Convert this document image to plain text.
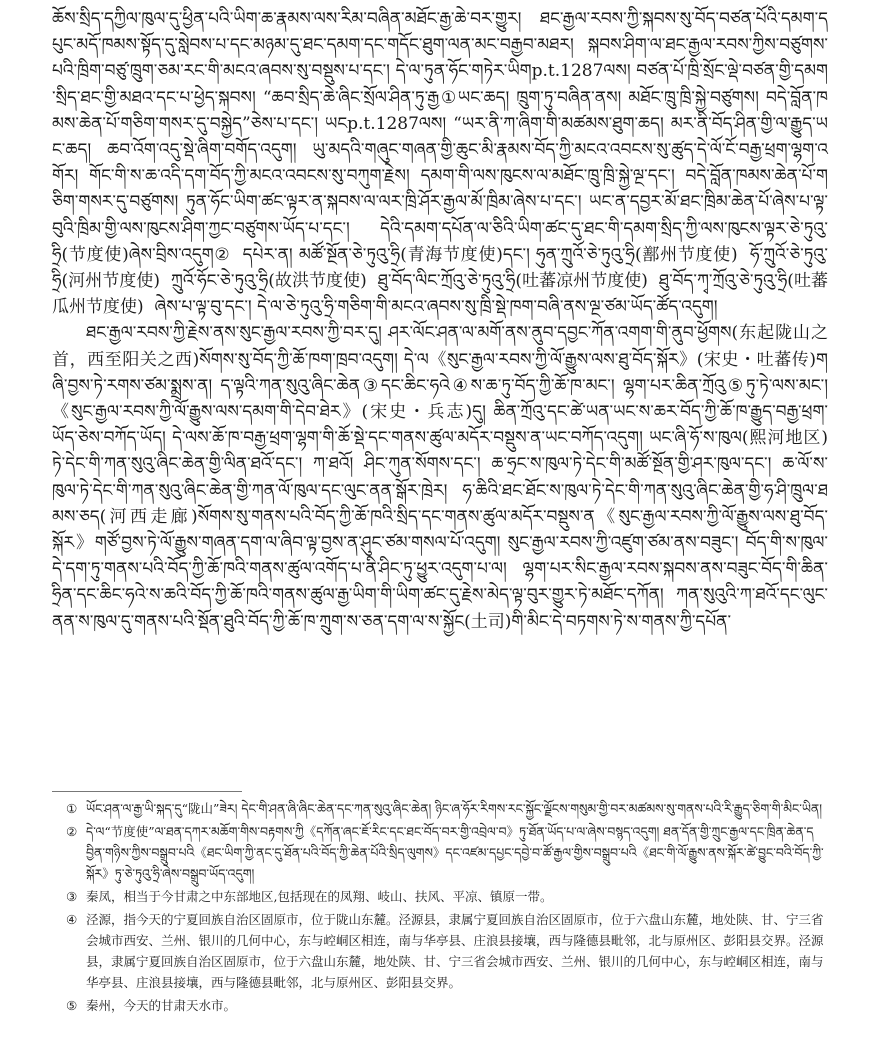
ཆོས་སྲིད་དཀྱིལ་ཁུལ་དུ་ཕྱིན་པའི་ཡིག་ཆ་རྣམས་ལས་རིམ་བཞིན་མཐོང་རྒྱ་ཆེ་བར་གྱུར། ཐང་རྒྱལ་རབས་ཀྱི་སྐབས་སུ་བོད་བཙན་པོའི་དམག་དཔུང་མདོ་ཁམས་སྟོད་དུ་སླེབས་པ་དང་མཉམ་དུ་ཐང་དམག་དང་གདོང་ཐུག་ལན་མང་བརྒྱབ་མཐར། སྐབས་ཤིག་ལ་ཐང་རྒྱལ་རབས་ཀྱིས་བཙུགས་པའི་ཁྲིག་བཙུ་ཁྲུག་ཅམ་རང་གི་མངའ་ཞབས་སུ་བསྡུས་པ་དང་། དེ་ལ་ཏུན་ཧོང་གཏེར་ཡིགp.t.1287ལས། བཙན་པོ་ཁྲི་སྲོང་ལྡེ་བཙན་གྱི་དམག་སྲིད་ཐང་གྱི་མཐའ་དང་པ་ཕྱེད་སྐབས། “ཆབ་སྲིད་ཆེ་ཞིང་སྲོལ་ཤིན་ཏུ་རྒྱ①ཡང་ཆད། ཁྲུག་ཏུ་བཞིན་ནས། མཐོང་ཁྲུ་ཁྲི་སྐྱེ་བཙུགས། བདེ་བློན་ཁམས་ཆེན་པོ་གཅིག་གསར་དུ་བསྐྱེད”ཅེས་པ་དང་། ཡངp.t.1287ལས། “ཡར་ནི་ཀ་ཞིག་གི་མཚམས་ཐུག་ཆད། མར་ནི་བོད་ཤིན་གྱི་ལ་རྒྱུད་ཡང་ཆད། ཆབ་འོག་འདུ་སྡེ་ཞིག་བགོད་འདུག། ཡུ་མདའི་གཞུང་གཞན་གྱི་ཆུང་མི་རྣམས་བོད་ཀྱི་མངའ་འབངས་སུ་ཚུད་དེ་ལོ་ངོ་བརྒྱ་ཕྲག་ལྷག་འགོར། གོང་གི་ས་ཆ་འདི་དག་བོད་ཀྱི་མངའ་འབངས་སུ་བཀུག་རྗེས། དམག་གི་ལས་ཁུངས་ལ་མཐོང་ཁྲུ་ཁྲི་སྐྱེ་ལྔ་དང་། བདེ་བློན་ཁམས་ཆེན་པོ་གཅིག་གསར་དུ་བཙུགས། ཏུན་ཧོང་ཡིག་ཚང་ལྟར་ན་སྐབས་ལ་ལར་ཁྲི་ཤོར་རྒྱལ་མོ་ཁྲིམ་ཞེས་པ་དང་། ཡང་ན་དབྱར་མོ་ཐང་ཁྲིམ་ཆེན་པོ་ཞེས་པ་ལྟ་བུའི་ཁྲིམ་གྱི་ལས་ཁུངས་ཤིག་ཀྱང་བཙུགས་ཡོད་པ་དང་། དེའི་དམག་དཔོན་ལ་ཅིའི་ཡིག་ཚང་དུ་ཐང་གི་དམག་སྲིད་ཀྱི་ལས་ཁུངས་ལྟར་ཅེ་ཏུའུ་ཧྲི(节度使)ཞེས་བྲིས་འདུག②  དཔེར་ན། མཚོ་སྔོན་ཅེ་ཏུའུ་ཧྲི(青海节度使)དང་། ཧུན་ཀྲུའོ་ཅེ་ཏུའུ་ཧྲི(鄯州节度使)  ཧོ་ཀྲུའོ་ཅེ་ཏུའུ་ཧྲི(河州节度使)  ཀྲུའོ་ཧོང་ཅེ་ཏུའུ་ཧྲི(故洪节度使)  ཐུ་བོད་ལིང་ཀྲོའུ་ཅེ་ཏུའུ་ཧྲི(吐蕃凉州节度使)  ཐུ་བོད་ཀྭ་ཀྲོའུ་ཅེ་ཏུའུ་ཧྲི(吐蕃瓜州节度使)  ཞེས་པ་ལྟ་བུ་དང་། དེ་ལ་ཅེ་ཏུའུ་ཧྲི་གཅིག་གི་མངའ་ཞབས་སུ་ཁྲི་སྡེ་ཁག་བཞི་ནས་ལྔ་ཙམ་ཡོད་ཚོད་འདུག།

ཐང་རྒྱལ་རབས་ཀྱི་རྗེས་ནས་སུང་རྒྱལ་རབས་ཀྱི་བར་དུ། ཤར་ལོང་ཤན་ལ་མགོ་ནས་ནུབ་དབྱང་ཀོན་འགག་གི་ནུབ་ཕྱོགས(东起陇山之首，西至阳关之西)སོགས་སུ་བོད་ཀྱི་ཆོ་ཁག་ཁྲབ་འདུག། དེ་ལ《སུང་རྒྱལ་རབས་ཀྱི་ལོ་རྒྱུས་ལས་ཐུ་བོད་སྐོར》(宋史・吐蕃传)གཞི་བྱས་ཏེ་རགས་ཙམ་སྨྲས་ན། ད་ལྟའི་ཀན་སུའུ་ཞིང་ཆེན③དང་ཆིང་ཧའེ④ས་ཆ་ཏུ་བོད་ཀྱི་ཆོ་ཁ་མང་། ལྷག་པར་ཆིན་ཀྲོའུ⑤ཏུ་ཏེ་ལས་མང་། 《སུང་རྒྱལ་རབས་ཀྱི་ལོ་རྒྱུས་ལས་དམག་གི་དེབ་ཐེར》(宋史・兵志)དུ། ཆིན་ཀྲོའུ་དང་ཚེ་ཡན་ཡང་ས་ཆར་བོད་ཀྱི་ཆོ་ཁ་རྒྱུད་བརྒྱ་ཕྲག་ཡོད་ཅེས་བཀོད་ཡོད། དེ་ལས་ཆོ་ཁ་བརྒྱ་ཕྲག་ལྷག་གི་ཆོ་སྡེ་དང་གནས་ཚུལ་མདོར་བསྡུས་ན་ཡང་བཀོད་འདུག། ཡང་ཞི་ཧོ་ས་ཁུལ(熙河地区)ཏེ་དེང་གི་ཀན་སུའུ་ཞིང་ཆེན་གྱི་ལིན་ཐའོ་དང་། ཀ་ཐའོ། ཤིང་ཀུན་སོགས་དང་། ཆ་ཧྲང་ས་ཁུལ་ཏེ་དེང་གི་མཚོ་སྔོན་གྱི་ཤར་ཁུལ་དང་། ཆ་ལོ་ས་ཁུལ་ཏེ་དེང་གི་ཀན་སུའུ་ཞིང་ཆེན་གྱི་ཀན་ལོ་ཁུལ་དང་ལུང་ནན་སྒོར་ཁྲེར། ཧ་ཆིའི་ཐང་ཐོང་ས་ཁུལ་ཏེ་དེང་གི་ཀན་སུའུ་ཞིང་ཆེན་གྱི་ཧ་ཤི་ཁྲུལ་ཐམས་ཅད(河西走廊)སོགས་སུ་གནས་པའི་བོད་ཀྱི་ཆོ་ཁའི་སྲིད་དང་གནས་ཚུལ་མདོར་བསྡུས་ན《སུང་རྒྱལ་རབས་ཀྱི་ལོ་རྒྱུས་ལས་ཐུ་བོད་སྐོར》གཙོ་བྱས་ཏེ་ལོ་རྒྱུས་གཞན་དག་ལ་ཞིབ་ལྟ་བྱས་ན་ཤུང་ཙམ་གསལ་པོ་འདུག། སུང་རྒྱལ་རབས་ཀྱི་འཛུག་ཙམ་ནས་བཟུང་། བོད་གི་ས་ཁུལ་དེ་དག་ཏུ་གནས་པའི་བོད་ཀྱི་ཆོ་ཁའི་གནས་ཚུལ་འགོད་པ་ནི་ཤིང་ཏུ་ཕྱུར་འདུག་པ་ལ། ལྷག་པར་སིང་རྒྱལ་རབས་སྐབས་ནས་བཟུང་བོད་གི་ཆིན་ཧྲིན་དང་ཆིང་ཧའེ་ས་ཆའི་བོད་ཀྱི་ཆོ་ཁའི་གནས་ཚུལ་རྒྱ་ཡིག་གི་ཡིག་ཚང་དུ་རྗེས་མེད་ལྟ་བུར་གྱུར་ཏེ་མཐོང་དཀོན། ཀན་སུའུའི་ཀ་ཐའོ་དང་ལུང་ནན་ས་ཁུལ་དུ་གནས་པའི་སྡོན་ཐུའི་བོད་ཀྱི་ཆོ་ཁ་ཀྲུག་ས་ཅན་དག་ལ་ས་སྐྱོང(土司)གི་མིང་དེ་བཏགས་ཏེ་ས་གནས་ཀྱི་དཔོན་

① ཡོང་ཤན་ལ་རྒྱ་ཡི་སྐད་དུ“陇山”ཟེར། དེང་གི་ཤན་ཞི་ཞིང་ཆེན་དང་ཀན་སུའུ་ཞིང་ཆེན། ཉིང་ཞ་ཧོར་རིགས་རང་སྐྱོང་ལྗོངས་གསུམ་གྱི་བར་མཚམས་སུ་གནས་པའི་རི་རྒྱུད་ཅིག་གི་མིང་ཡིན།
② དེ་ལ“节度使”ལ་ཐན་དཀར་མཆོག་གིས་བརྟགས་ཀྱི《དཀོན་ཞང་ཇོ་རིང་དང་ཐང་བོད་བར་གྱི་འབྲེལ་བ》ཏུ་ཐོན་ཡོད་པ་ལ་ཞེས་བསྙད་འདུག། ཐན་དོན་གྱི་ཀྲུང་རྒྱལ་དང་ཁྲིན་ཆེན་དབྱིན་གཉིས་ཀྱིས་བསྒྲུབ་པའི《ཐང་ཡིག་ཀྱི་ནང་དུ་ཐོན་པའི་བོད་ཀྱི་ཆེན་པོའི་སྲིད་ལུགས》དང་འཛམ་དཔྱང་དབྱེ་བ་ཚོ་རྒྱལ་གྱིས་བསྒྲུབ་པའི《ཐང་གི་ལོ་རྒྱུས་ནས་སྐོར་ཚེ་བྱུང་བའི་བོད་ཀྱི་སྐོར》ཏུ་ཅེ་ཏུའུ་ཧྲི་ཞེས་བསྒྲུབ་ཡོད་འདུག།
③ 秦凤，相当于今甘肃之中东部地区,包括现在的凤翔、岐山、扶风、平凉、镇原一带。
④ 泾源，指今天的宁夏回族自治区固原市，位于陇山东麓。泾源县，隶属宁夏回族自治区固原市，位于六盘山东麓，地处陕、甘、宁三省会城市西安、兰州、银川的几何中心，东与崆峒区相连，南与华亭县、庄浪县接壤，西与隆德县毗邻，北与原州区、彭阳县交界。泾源县，隶属宁夏回族自治区固原市，位于六盘山东麓，地处陕、甘、宁三省会城市西安、兰州、银川的几何中心，东与崆峒区相连，南与华亭县、庄浪县接壤，西与隆德县毗邻，北与原州区、彭阳县交界。
⑤ 秦州，今天的甘肃天水市。
